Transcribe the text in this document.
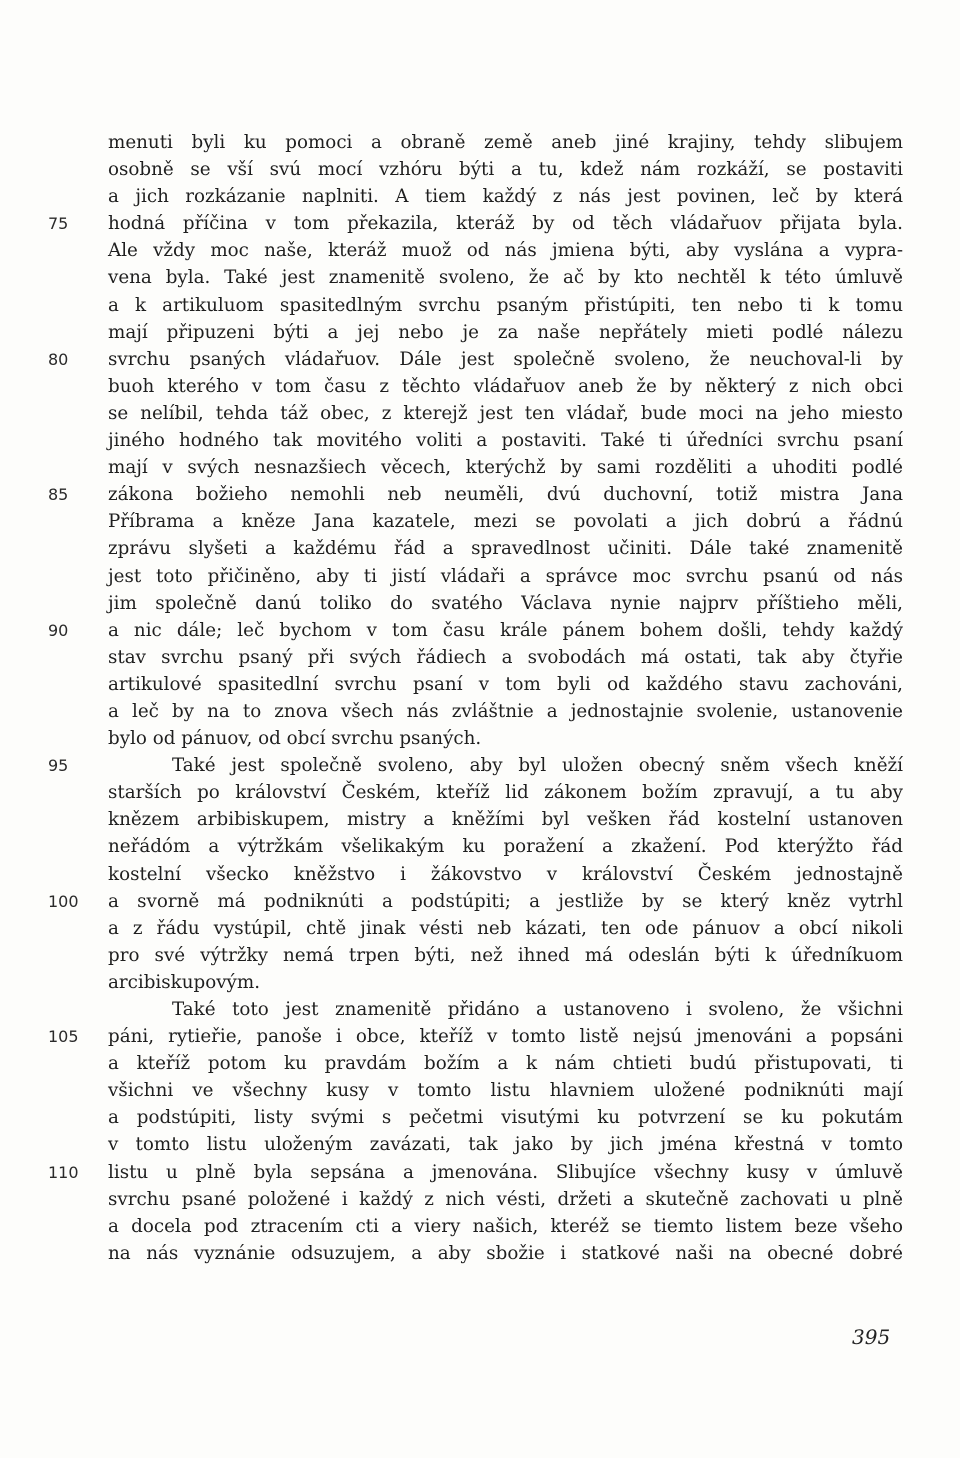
menuti byli ku pomoci a obraně země aneb jiné krajiny, tehdy slibujem
osobně se vší svú mocí vzhóru býti a tu, kdež nám rozkáží, se postaviti
a jich rozkázanie naplniti. A tiem každý z nás jest povinen, leč by která
75	hodná příčina v tom překazila, kteráž by od těch vládařuov přijata byla.
Ale vždy moc naše, kteráž muož od nás jmiena býti, aby vyslána a vypra-
vena byla. Také jest znamenitě svoleno, že ač by kto nechtěl k této úmluvě
a k artikuluom spasitedlným svrchu psaným přistúpiti, ten nebo ti k tomu
mají připuzeni býti a jej nebo je za naše nepřátely mieti podlé nálezu
80	svrchu psaných vládařuov. Dále jest společně svoleno, že neuchoval-li by
buoh kterého v tom času z těchto vládařuov aneb že by některý z nich obci
se nelíbil, tehda táž obec, z kterejž jest ten vládař, bude moci na jeho miesto
jiného hodného tak movitého voliti a postaviti. Také ti úředníci svrchu psaní
mají v svých nesnazšiech věcech, kterýchž by sami rozděliti a uhoditi podlé
85	zákona božieho nemohli neb neuměli, dvú duchovní, totiž mistra Jana
Příbrama a kněze Jana kazatele, mezi se povolati a jich dobrú a řádnú
zprávu slyšeti a každému řád a spravedlnost učiniti. Dále také znamenitě
jest toto přičiněno, aby ti jistí vládaři a správce moc svrchu psanú od nás
jim společně danú toliko do svatého Václava nynie najprv příštieho měli,
90	a nic dále; leč bychom v tom času krále pánem bohem došli, tehdy každý
stav svrchu psaný při svých řádiech a svobodách má ostati, tak aby čtyřie
artikulové spasitedlní svrchu psaní v tom byli od každého stavu zachováni,
a leč by na to znova všech nás zvláštnie a jednostajnie svolenie, ustanovenie
bylo od pánuov, od obcí svrchu psaných.
95	Také jest společně svoleno, aby byl uložen obecný sněm všech kněží
starších po království Českém, kteříž lid zákonem božím zpravují, a tu aby
knězem arbibiskupem, mistry a kněžími byl vešken řád kostelní ustanoven
neřádóm a výtržkám všelikakým ku poražení a zkažení. Pod kterýžto řád
kostelní všecko kněžstvo i žákovstvo v království Českém jednostajně
100	a svorně má podniknúti a podstúpiti; a jestliže by se který kněz vytrhl
a z řádu vystúpil, chtě jinak vésti neb kázati, ten ode pánuov a obcí nikoli
pro své výtržky nemá trpen býti, než ihned má odeslán býti k úředníkuom
arcibiskupovým.
Také toto jest znamenitě přidáno a ustanoveno i svoleno, že všichni
105	páni, rytieřie, panoše i obce, kteříž v tomto listě nejsú jmenováni a popsáni
a kteříž potom ku pravdám božím a k nám chtieti budú přistupovati, ti
všichni ve všechny kusy v tomto listu hlavniem uložené podniknúti mají
a podstúpiti, listy svými s pečetmi visutými ku potvrzení se ku pokutám
v tomto listu uloženým zavázati, tak jako by jich jména křestná v tomto
110	listu u plně byla sepsána a jmenována. Slibujíce všechny kusy v úmluvě
svrchu psané položené i každý z nich vésti, držeti a skutečně zachovati u plně
a docela pod ztracením cti a viery našich, kteréž se tiemto listem beze všeho
na nás vyznánie odsuzujem, a aby sbožie i statkové naši na obecné dobré
395
